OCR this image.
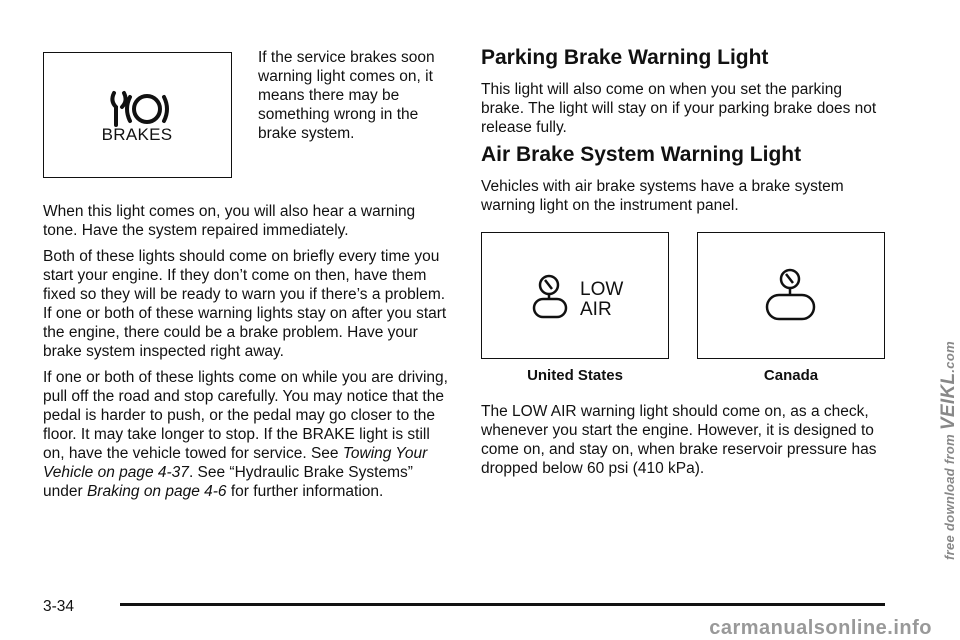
BRAKES
If the service brakes soon warning light comes on, it means there may be something wrong in the brake system.

When this light comes on, you will also hear a warning tone. Have the system repaired immediately.

Both of these lights should come on briefly every time you start your engine. If they don’t come on then, have them fixed so they will be ready to warn you if there’s a problem. If one or both of these warning lights stay on after you start the engine, there could be a brake problem. Have your brake system inspected right away.

If one or both of these lights come on while you are driving, pull off the road and stop carefully. You may notice that the pedal is harder to push, or the pedal may go closer to the floor. It may take longer to stop. If the BRAKE light is still on, have the vehicle towed for service. See Towing Your Vehicle on page 4-37. See “Hydraulic Brake Systems” under Braking on page 4-6 for further information.

Parking Brake Warning Light
This light will also come on when you set the parking brake. The light will stay on if your parking brake does not release fully.
Air Brake System Warning Light
Vehicles with air brake systems have a brake system warning light on the instrument panel.
LOW
AIR
United States	Canada
The LOW AIR warning light should come on, as a check, whenever you start the engine. However, it is designed to come on, and stay on, when brake reservoir pressure has dropped below 60 psi (410 kPa).
3-34
carmanualsonline.info
free download from VEIKL.com
